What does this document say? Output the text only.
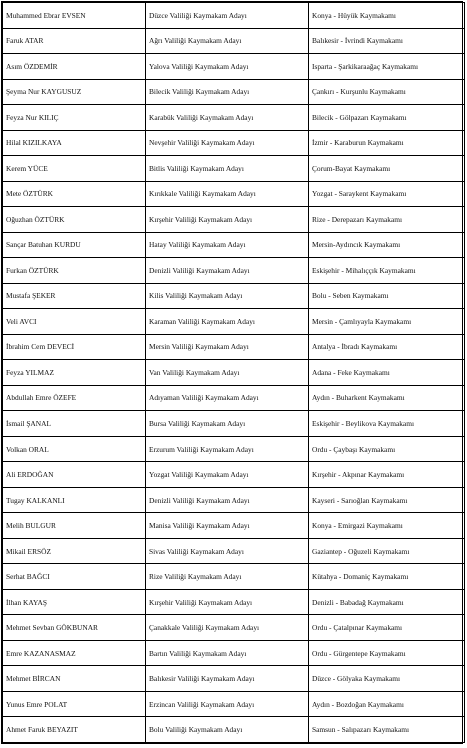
Muhammed Ebrar EVSEN	Düzce Valiliği Kaymakam Adayı	Konya - Hüyük Kaymakamı
Faruk ATAR	Ağrı Valiliği Kaymakam Adayı	Balıkesir - İvrindi Kaymakamı
Asım ÖZDEMİR	Yalova Valiliği Kaymakam Adayı	Isparta - Şarkikaraağaç Kaymakamı
Şeyma Nur KAYGUSUZ	Bilecik Valiliği Kaymakam Adayı	Çankırı - Kurşunlu Kaymakamı
Feyza Nur KILIÇ	Karabük Valiliği Kaymakam Adayı	Bilecik - Gölpazarı Kaymakamı
Hilal KIZILKAYA	Nevşehir Valiliği Kaymakam Adayı	İzmir - Karaburun Kaymakamı
Kerem YÜCE	Bitlis Valiliği Kaymakam Adayı	Çorum-Bayat Kaymakamı
Mete ÖZTÜRK	Kırıkkale Valiliği Kaymakam Adayı	Yozgat - Saraykent Kaymakamı
Oğuzhan ÖZTÜRK	Kırşehir Valiliği Kaymakam Adayı	Rize - Derepazarı Kaymakamı
Sançar Batuhan KURDU	Hatay Valiliği Kaymakam Adayı	Mersin-Aydıncık Kaymakamı
Furkan ÖZTÜRK	Denizli Valiliği Kaymakam Adayı	Eskişehir - Mihalıççık Kaymakamı
Mustafa ŞEKER	Kilis Valiliği Kaymakam Adayı	Bolu - Seben Kaymakamı
Veli AVCI	Karaman Valiliği Kaymakam Adayı	Mersin - Çamlıyayla Kaymakamı
İbrahim Cem DEVECİ	Mersin Valiliği Kaymakam Adayı	Antalya - İbradı Kaymakamı
Feyza YILMAZ	Van Valiliği Kaymakam Adayı	Adana - Feke Kaymakamı
Abdullah Emre ÖZEFE	Adıyaman Valiliği Kaymakam Adayı	Aydın - Buharkent Kaymakamı
İsmail ŞANAL	Bursa Valiliği Kaymakam Adayı	Eskişehir - Beylikova Kaymakamı
Volkan ORAL	Erzurum Valiliği Kaymakam Adayı	Ordu - Çaybaşı Kaymakamı
Ali ERDOĞAN	Yozgat Valiliği Kaymakam Adayı	Kırşehir - Akpınar Kaymakamı
Tugay KALKANLI	Denizli Valiliği Kaymakam Adayı	Kayseri - Sarıoğlan Kaymakamı
Melih BULGUR	Manisa Valiliği Kaymakam Adayı	Konya - Emirgazi Kaymakamı
Mikail ERSÖZ	Sivas Valiliği Kaymakam Adayı	Gaziantep - Oğuzeli Kaymakamı
Serhat BAĞCI	Rize Valiliği Kaymakam Adayı	Kütahya - Domaniç Kaymakamı
İlhan KAYAŞ	Kırşehir Valiliği Kaymakam Adayı	Denizli - Babadağ Kaymakamı
Mehmet Sevban GÖKBUNAR	Çanakkale Valiliği Kaymakam Adayı	Ordu - Çatalpınar Kaymakamı
Emre KAZANASMAZ	Bartın Valiliği Kaymakam Adayı	Ordu - Gürgentepe Kaymakamı
Mehmet BİRCAN	Balıkesir Valiliği Kaymakam Adayı	Düzce - Gölyaka Kaymakamı
Yunus Emre POLAT	Erzincan Valiliği Kaymakam Adayı	Aydın - Bozdoğan Kaymakamı
Ahmet Faruk BEYAZIT	Bolu Valiliği Kaymakam Adayı	Samsun - Salıpazarı Kaymakamı
